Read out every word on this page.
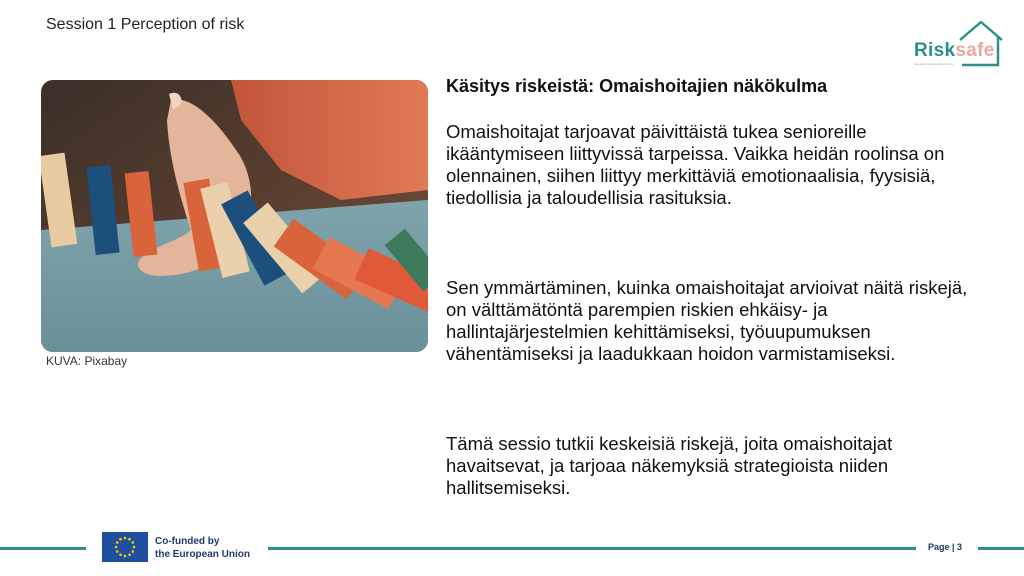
Session 1 Perception of risk
Risksafe
the carers perspective on risk
KUVA: Pixabay
Käsitys riskeistä: Omaishoitajien näkökulma

Omaishoitajat tarjoavat päivittäistä tukea senioreille ikääntymiseen liittyvissä tarpeissa. Vaikka heidän roolinsa on olennainen, siihen liittyy merkittäviä emotionaalisia, fyysisiä, tiedollisia ja taloudellisia rasituksia.

Sen ymmärtäminen, kuinka omaishoitajat arvioivat näitä riskejä, on välttämätöntä parempien riskien ehkäisy- ja hallintajärjestelmien kehittämiseksi, työuupumuksen vähentämiseksi ja laadukkaan hoidon varmistamiseksi.

Tämä sessio tutkii keskeisiä riskejä, joita omaishoitajat havaitsevat, ja tarjoaa näkemyksiä strategioista niiden hallitsemiseksi.

Co-funded by
the European Union
Page | 3
